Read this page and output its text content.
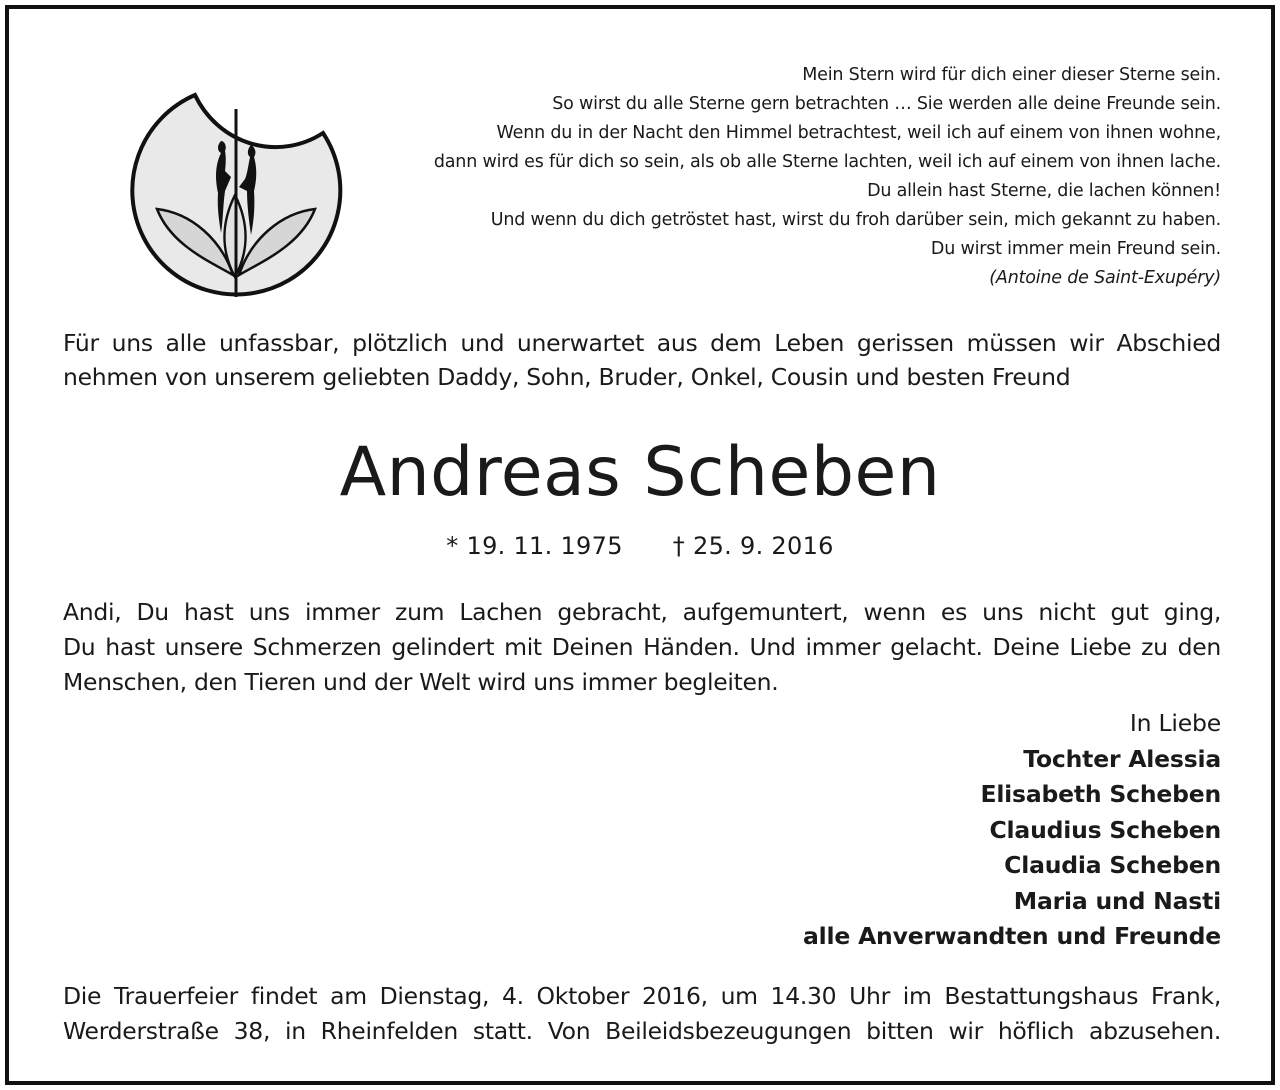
Mein Stern wird für dich einer dieser Sterne sein.
So wirst du alle Sterne gern betrachten … Sie werden alle deine Freunde sein.
Wenn du in der Nacht den Himmel betrachtest, weil ich auf einem von ihnen wohne,
dann wird es für dich so sein, als ob alle Sterne lachten, weil ich auf einem von ihnen lache.
Du allein hast Sterne, die lachen können!
Und wenn du dich getröstet hast, wirst du froh darüber sein, mich gekannt zu haben.
Du wirst immer mein Freund sein.
(Antoine de Saint-Exupéry)
Für uns alle unfassbar, plötzlich und unerwartet aus dem Leben gerissen müssen wir Abschied
nehmen von unserem geliebten Daddy, Sohn, Bruder, Onkel, Cousin und besten Freund
Andreas Scheben
* 19. 11. 1975 † 25. 9. 2016
Andi, Du hast uns immer zum Lachen gebracht, aufgemuntert, wenn es uns nicht gut ging,
Du hast unsere Schmerzen gelindert mit Deinen Händen. Und immer gelacht. Deine Liebe zu den
Menschen, den Tieren und der Welt wird uns immer begleiten.
In Liebe
Tochter Alessia
Elisabeth Scheben
Claudius Scheben
Claudia Scheben
Maria und Nasti
alle Anverwandten und Freunde
Die Trauerfeier findet am Dienstag, 4. Oktober 2016, um 14.30 Uhr im Bestattungshaus Frank,
Werderstraße 38, in Rheinfelden statt. Von Beileidsbezeugungen bitten wir höflich abzusehen.
